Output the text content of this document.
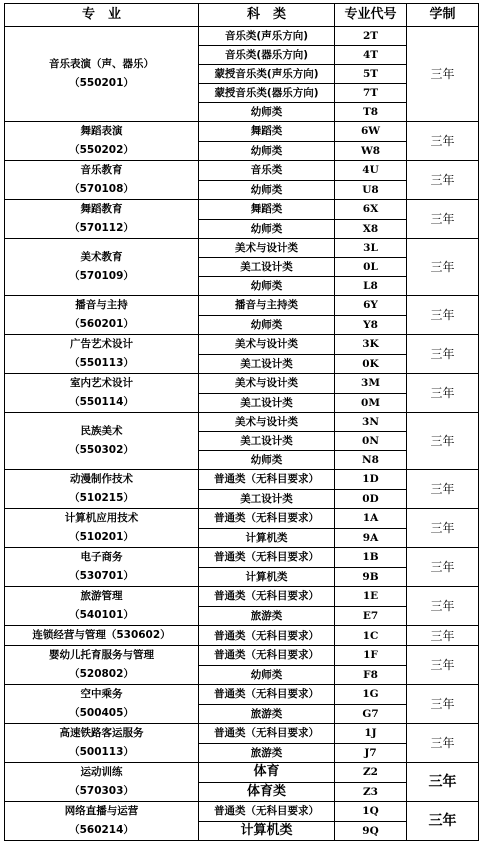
专　业	科　类	专业代号	学制

音乐表演（声、器乐）
（550201）	音乐类(声乐方向)	2T	三年
	音乐类(器乐方向)	4T	
	蒙授音乐类(声乐方向)	5T	
	蒙授音乐类(器乐方向)	7T	
	幼师类	T8	

舞蹈表演
（550202）	舞蹈类	6W	三年
	幼师类	W8	

音乐教育
（570108）	音乐类	4U	三年
	幼师类	U8	

舞蹈教育
（570112）	舞蹈类	6X	三年
	幼师类	X8	

美术教育
（570109）	美术与设计类	3L	三年
	美工设计类	0L	
	幼师类	L8	

播音与主持
（560201）	播音与主持类	6Y	三年
	幼师类	Y8	

广告艺术设计
（550113）	美术与设计类	3K	三年
	美工设计类	0K	

室内艺术设计
（550114）	美术与设计类	3M	三年
	美工设计类	0M	

民族美术
（550302）	美术与设计类	3N	三年
	美工设计类	0N	
	幼师类	N8	

动漫制作技术
（510215）	普通类（无科目要求）	1D	三年
	美工设计类	0D	

计算机应用技术
（510201）	普通类（无科目要求）	1A	三年
	计算机类	9A	

电子商务
（530701）	普通类（无科目要求）	1B	三年
	计算机类	9B	

旅游管理
（540101）	普通类（无科目要求）	1E	三年
	旅游类	E7	

连锁经营与管理（530602）	普通类（无科目要求）	1C	三年

婴幼儿托育服务与管理
（520802）	普通类（无科目要求）	1F	三年
	幼师类	F8	

空中乘务
（500405）	普通类（无科目要求）	1G	三年
	旅游类	G7	

高速铁路客运服务
（500113）	普通类（无科目要求）	1J	三年
	旅游类	J7	

运动训练
（570303）	体育	Z2	三年
	体育类	Z3	

网络直播与运营
（560214）	普通类（无科目要求）	1Q	三年
	计算机类	9Q	
